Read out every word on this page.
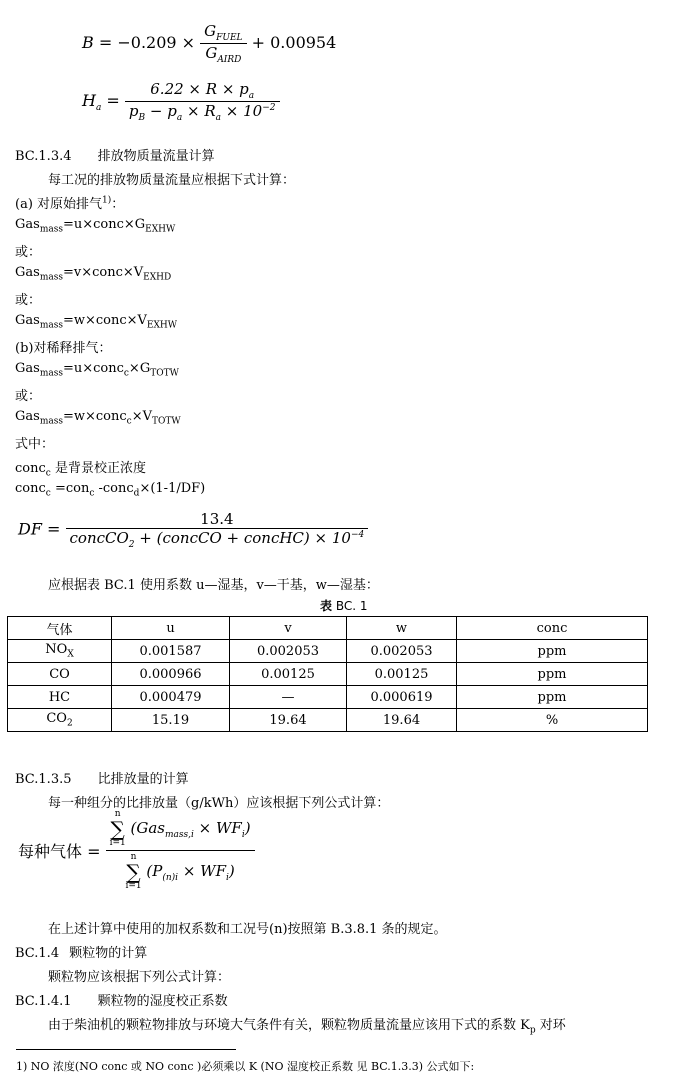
$B = -0.209 \times \frac{G_{FUEL}}{G_{AIRD}} + 0.00954$
$H_a = \frac{6.22 \times R \times p_a}{p_B - p_a \times R_a \times 10^{-2}}$
BC.1.3.4 排放物质量流量计算
每工况的排放物质量流量应根据下式计算：
(a) 对原始排气$^{1)}$：
$Gas_{mass}=u\times conc\times G_{EXHW}$
或：
$Gas_{mass}=v\times conc\times V_{EXHD}$
或：
$Gas_{mass}=w\times conc\times V_{EXHW}$
(b)对稀释排气：
$Gas_{mass}=u\times conc_c\times G_{TOTW}$
或：
$Gas_{mass}=w\times conc_c\times V_{TOTW}$
式中：
conc$_c$ 是背景校正浓度
conc$_c$ =con$_c$ -conc$_d$×(1-1/DF)
DF = $\frac{13.4}{concCO_2 + (concCO + concHC) \times 10^{-4}}$
应根据表 BC.1 使用系数 u—湿基，v—干基，w—湿基：
表 BC. 1
气体	u	v	w	conc
$NO_X$	0.001587	0.002053	0.002053	ppm
CO	0.000966	0.00125	0.00125	ppm
HC	0.000479	—	0.000619	ppm
$CO_2$	15.19	19.64	19.64	%
BC.1.3.5 比排放量的计算
每一种组分的比排放量（g/kWh）应该根据下列公式计算：
每种气体 = n
∑
i=1
$(Gas_{mass,i} \times WF_i)$
n
∑
i=1
$(P_{(n)i} \times WF_i)$
在上述计算中使用的加权系数和工况号(n)按照第 B.3.8.1 条的规定。
BC.1.4 颗粒物的计算
颗粒物应该根据下列公式计算：
BC.1.4.1 颗粒物的湿度校正系数
由于柴油机的颗粒物排放与环境大气条件有关，颗粒物质量流量应该用下式的系数 $K_p$ 对环
1) NO 浓度(NO conc 或 NO conc )必须乘以 K (NO 湿度校正系数 见 BC.1.3.3) 公式如下:
